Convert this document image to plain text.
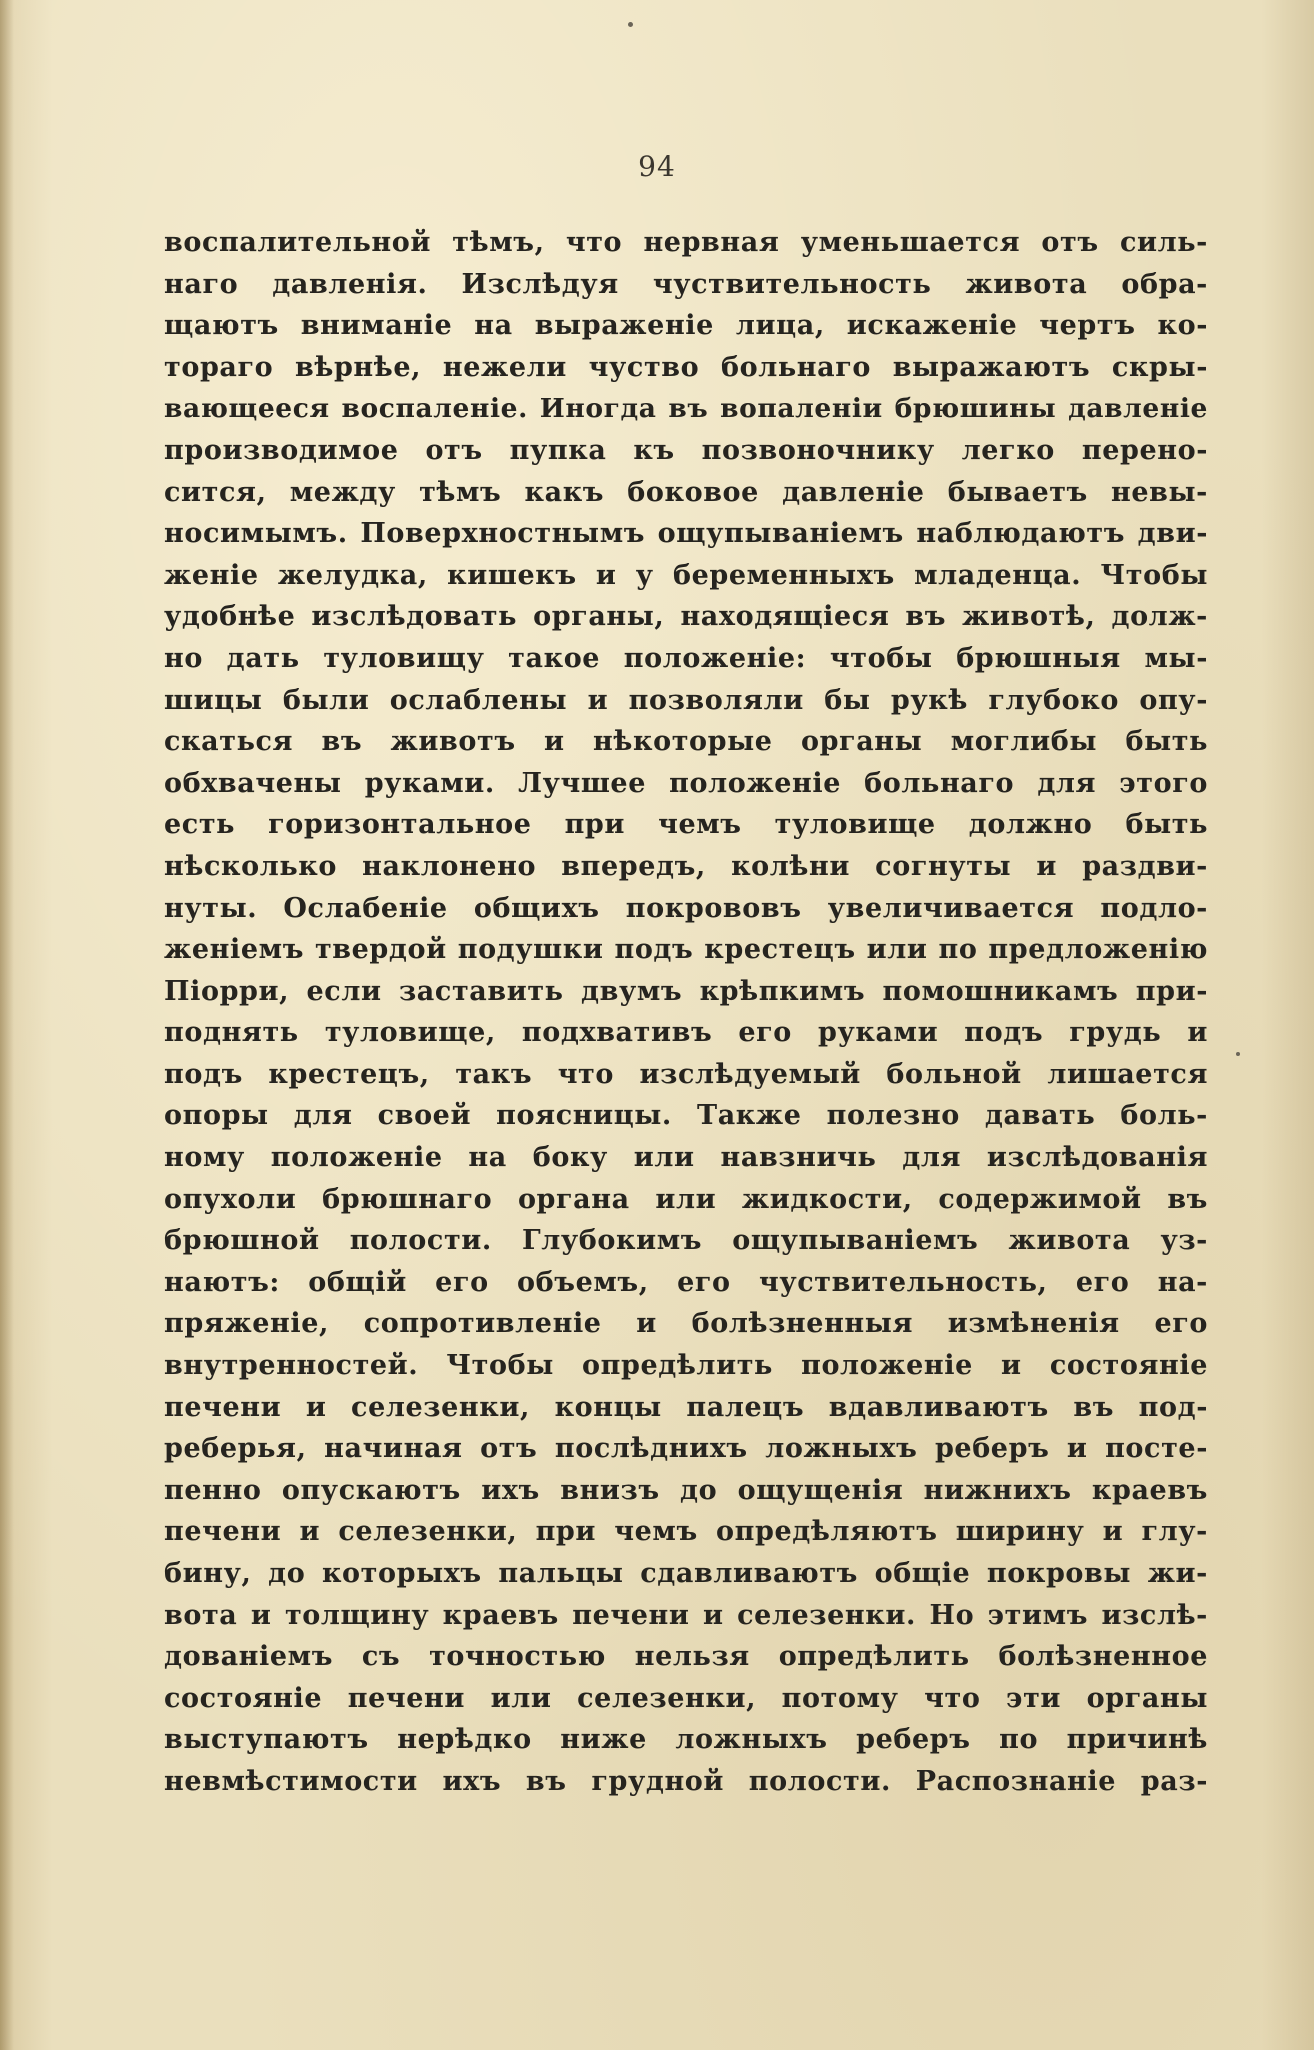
94
воспалительной тѣмъ, что нервная уменьшается отъ силь-
наго давленія. Изслѣдуя чуствительность живота обра-
щаютъ вниманіе на выраженіе лица, искаженіе чертъ ко-
тораго вѣрнѣе, нежели чуство больнаго выражаютъ скры-
вающееся воспаленіе. Иногда въ вопаленіи брюшины давленіе
производимое отъ пупка къ позвоночнику легко перено-
сится, между тѣмъ какъ боковое давленіе бываетъ невы-
носимымъ. Поверхностнымъ ощупываніемъ наблюдаютъ дви-
женіе желудка, кишекъ и у беременныхъ младенца. Чтобы
удобнѣе изслѣдовать органы, находящіеся въ животѣ, долж-
но дать туловищу такое положеніе: чтобы брюшныя мы-
шицы были ослаблены и позволяли бы рукѣ глубоко опу-
скаться въ животъ и нѣкоторые органы моглибы быть
обхвачены руками. Лучшее положеніе больнаго для этого
есть горизонтальное при чемъ туловище должно быть
нѣсколько наклонено впередъ, колѣни согнуты и раздви-
нуты. Ослабеніе общихъ покрововъ увеличивается подло-
женіемъ твердой подушки подъ крестецъ или по предложенію
Піорри, если заставить двумъ крѣпкимъ помошникамъ при-
поднять туловище, подхвативъ его руками подъ грудь и
подъ крестецъ, такъ что изслѣдуемый больной лишается
опоры для своей поясницы. Также полезно давать боль-
ному положеніе на боку или навзничь для изслѣдованія
опухоли брюшнаго органа или жидкости, содержимой въ
брюшной полости. Глубокимъ ощупываніемъ живота уз-
наютъ: общій его объемъ, его чуствительность, его на-
пряженіе, сопротивленіе и болѣзненныя измѣненія его
внутренностей. Чтобы опредѣлить положеніе и состояніе
печени и селезенки, концы палецъ вдавливаютъ въ под-
реберья, начиная отъ послѣднихъ ложныхъ реберъ и посте-
пенно опускаютъ ихъ внизъ до ощущенія нижнихъ краевъ
печени и селезенки, при чемъ опредѣляютъ ширину и глу-
бину, до которыхъ пальцы сдавливаютъ общіе покровы жи-
вота и толщину краевъ печени и селезенки. Но этимъ изслѣ-
дованіемъ съ точностью нельзя опредѣлить болѣзненное
состояніе печени или селезенки, потому что эти органы
выступаютъ нерѣдко ниже ложныхъ реберъ по причинѣ
невмѣстимости ихъ въ грудной полости. Распознаніе раз-
